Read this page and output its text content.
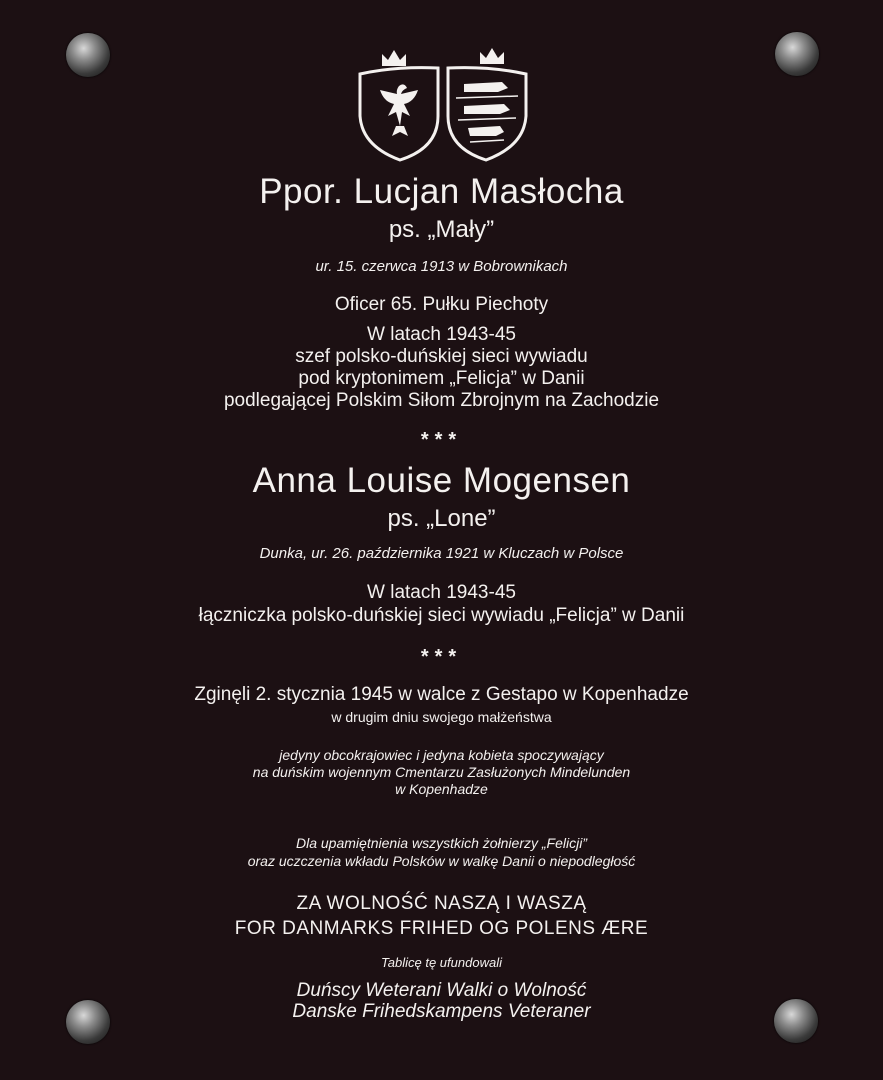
Ppor. Lucjan Masłocha
ps. „Mały”
ur. 15. czerwca 1913 w Bobrownikach
Oficer 65. Pułku Piechoty
W latach 1943-45
szef polsko-duńskiej sieci wywiadu
pod kryptonimem „Felicja” w Danii
podlegającej Polskim Siłom Zbrojnym na Zachodzie
***
Anna Louise Mogensen
ps. „Lone”
Dunka, ur. 26. października 1921 w Kluczach w Polsce
W latach 1943-45
łączniczka polsko-duńskiej sieci wywiadu „Felicja” w Danii
***
Zginęli 2. stycznia 1945 w walce z Gestapo w Kopenhadze
w drugim dniu swojego małżeństwa
jedyny obcokrajowiec i jedyna kobieta spoczywający
na duńskim wojennym Cmentarzu Zasłużonych Mindelunden
w Kopenhadze
Dla upamiętnienia wszystkich żołnierzy „Felicji”
oraz uczczenia wkładu Polsków w walkę Danii o niepodległość
ZA WOLNOŚĆ NASZĄ I WASZĄ
FOR DANMARKS FRIHED OG POLENS ÆRE
Tablicę tę ufundowali
Duńscy Weterani Walki o Wolność
Danske Frihedskampens Veteraner
